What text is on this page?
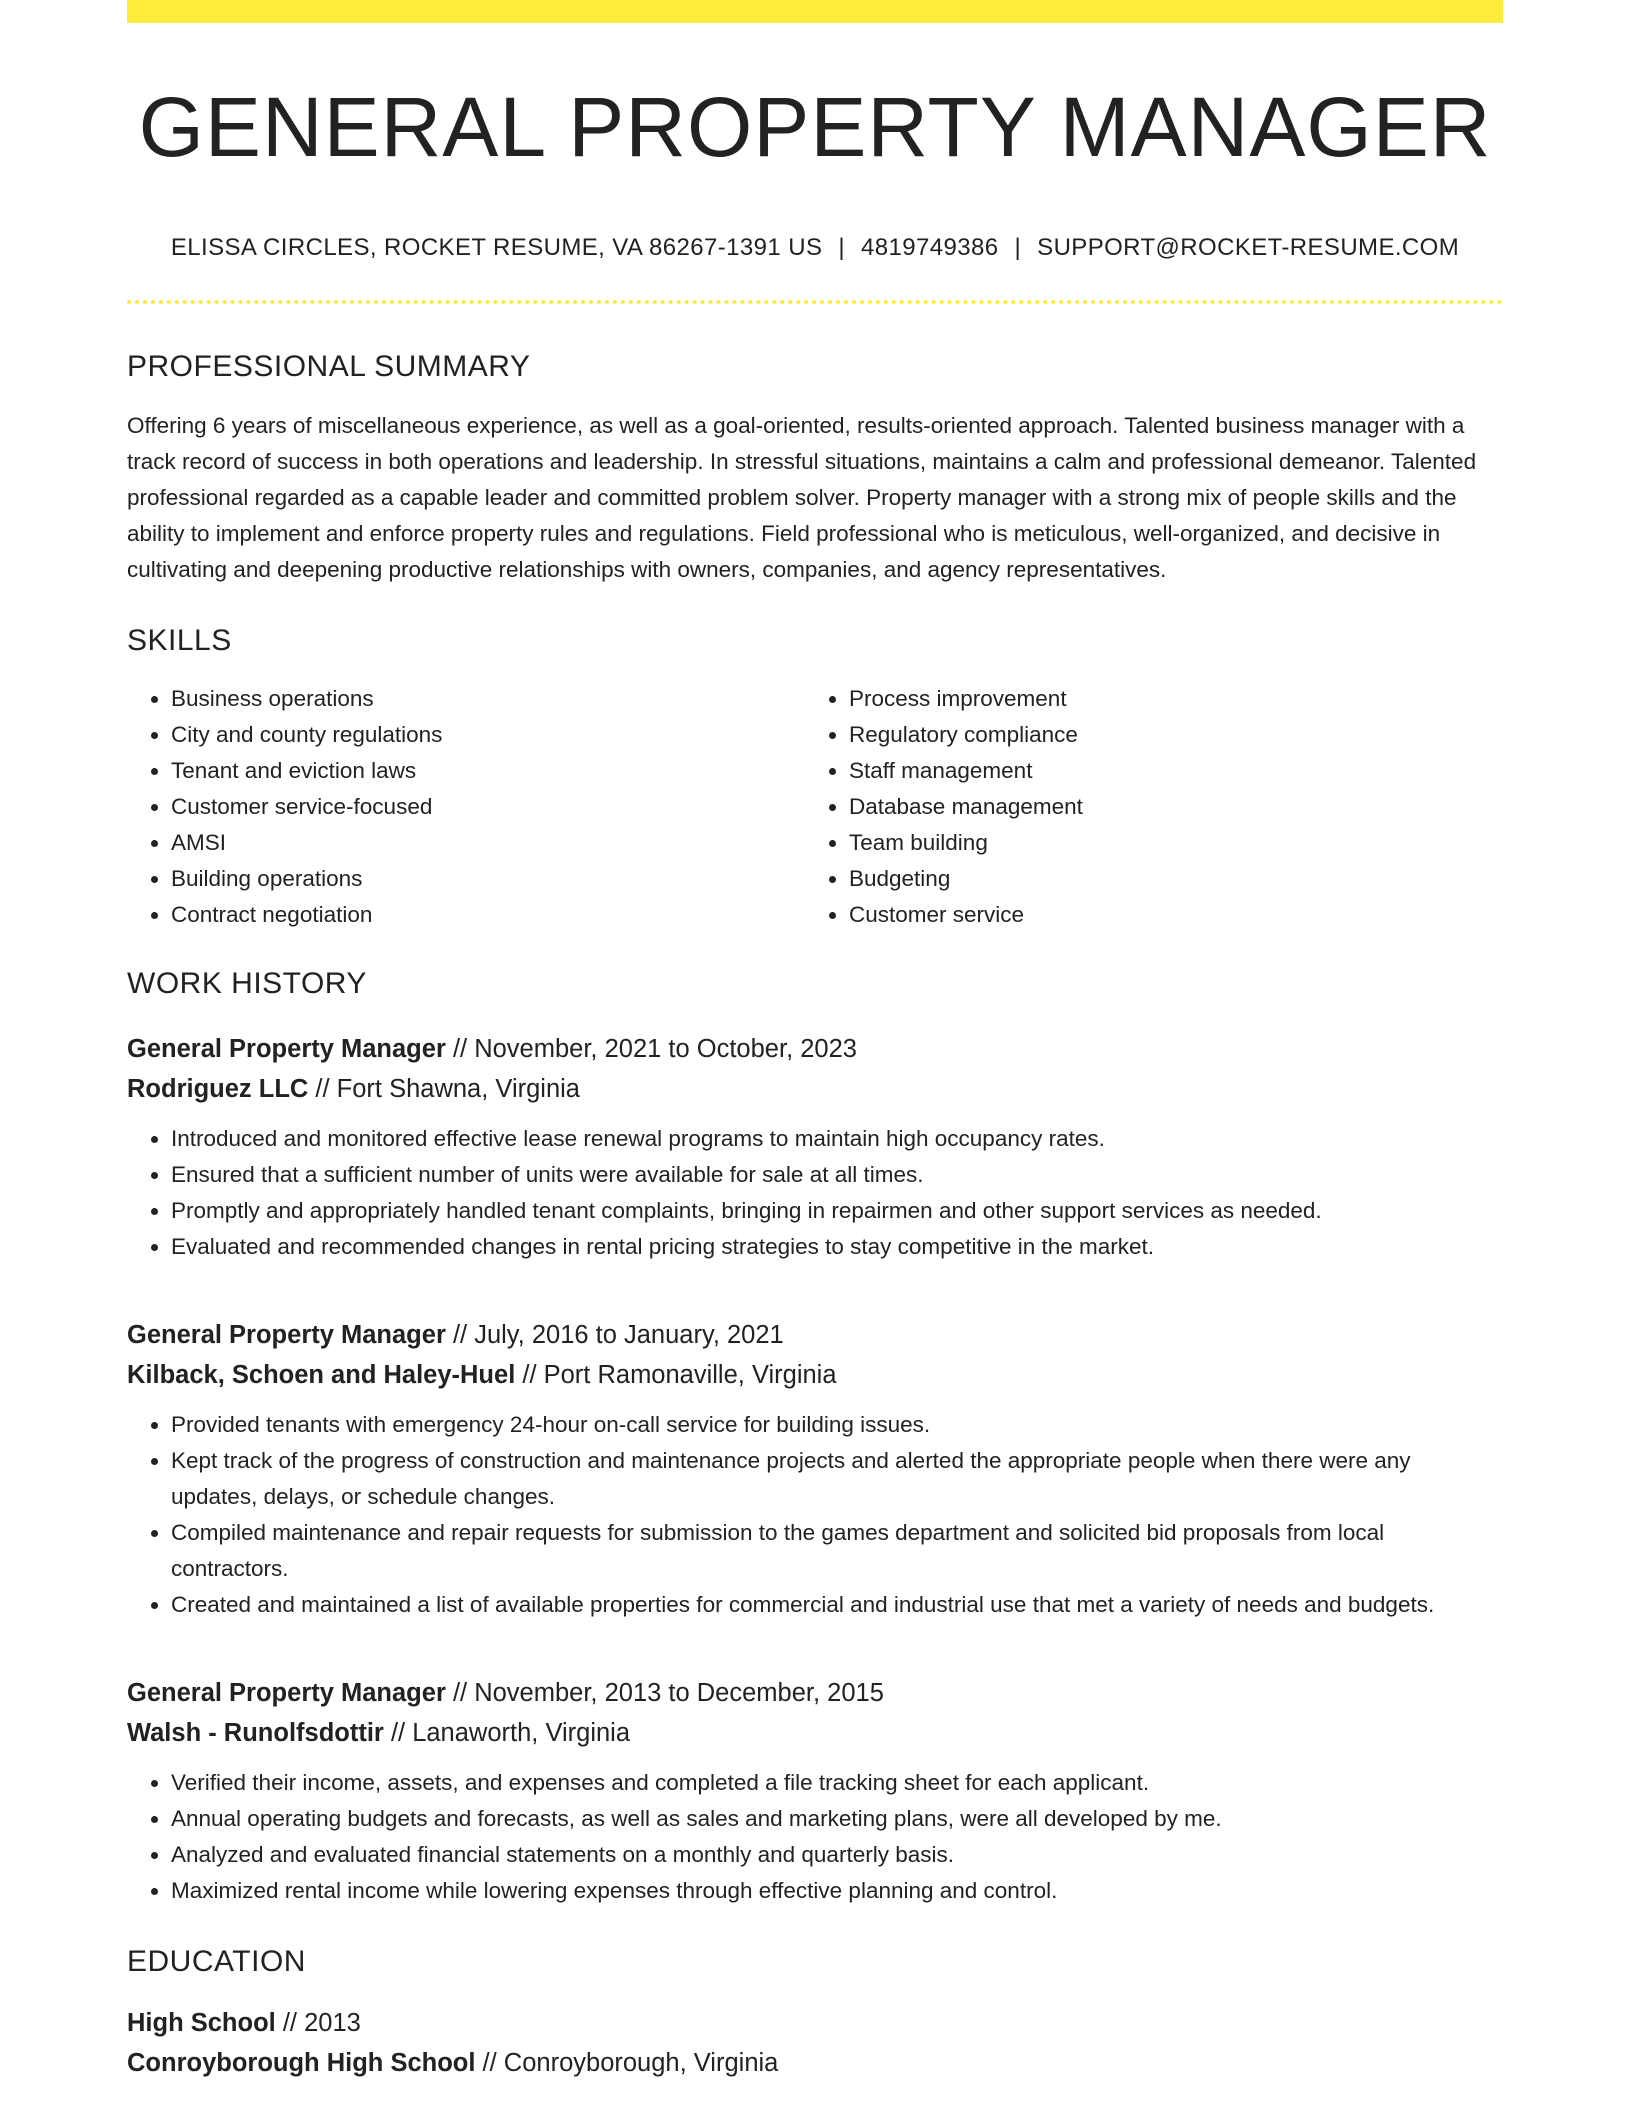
GENERAL PROPERTY MANAGER
ELISSA CIRCLES, ROCKET RESUME, VA 86267-1391 US | 4819749386 | SUPPORT@ROCKET-RESUME.COM
PROFESSIONAL SUMMARY
Offering 6 years of miscellaneous experience, as well as a goal-oriented, results-oriented approach. Talented business manager with a track record of success in both operations and leadership. In stressful situations, maintains a calm and professional demeanor. Talented professional regarded as a capable leader and committed problem solver. Property manager with a strong mix of people skills and the ability to implement and enforce property rules and regulations. Field professional who is meticulous, well-organized, and decisive in cultivating and deepening productive relationships with owners, companies, and agency representatives.
SKILLS
• Business operations
• City and county regulations
• Tenant and eviction laws
• Customer service-focused
• AMSI
• Building operations
• Contract negotiation
• Process improvement
• Regulatory compliance
• Staff management
• Database management
• Team building
• Budgeting
• Customer service
WORK HISTORY
General Property Manager // November, 2021 to October, 2023
Rodriguez LLC // Fort Shawna, Virginia
• Introduced and monitored effective lease renewal programs to maintain high occupancy rates.
• Ensured that a sufficient number of units were available for sale at all times.
• Promptly and appropriately handled tenant complaints, bringing in repairmen and other support services as needed.
• Evaluated and recommended changes in rental pricing strategies to stay competitive in the market.
General Property Manager // July, 2016 to January, 2021
Kilback, Schoen and Haley-Huel // Port Ramonaville, Virginia
• Provided tenants with emergency 24-hour on-call service for building issues.
• Kept track of the progress of construction and maintenance projects and alerted the appropriate people when there were any updates, delays, or schedule changes.
• Compiled maintenance and repair requests for submission to the games department and solicited bid proposals from local contractors.
• Created and maintained a list of available properties for commercial and industrial use that met a variety of needs and budgets.
General Property Manager // November, 2013 to December, 2015
Walsh - Runolfsdottir // Lanaworth, Virginia
• Verified their income, assets, and expenses and completed a file tracking sheet for each applicant.
• Annual operating budgets and forecasts, as well as sales and marketing plans, were all developed by me.
• Analyzed and evaluated financial statements on a monthly and quarterly basis.
• Maximized rental income while lowering expenses through effective planning and control.
EDUCATION
High School // 2013
Conroyborough High School // Conroyborough, Virginia
